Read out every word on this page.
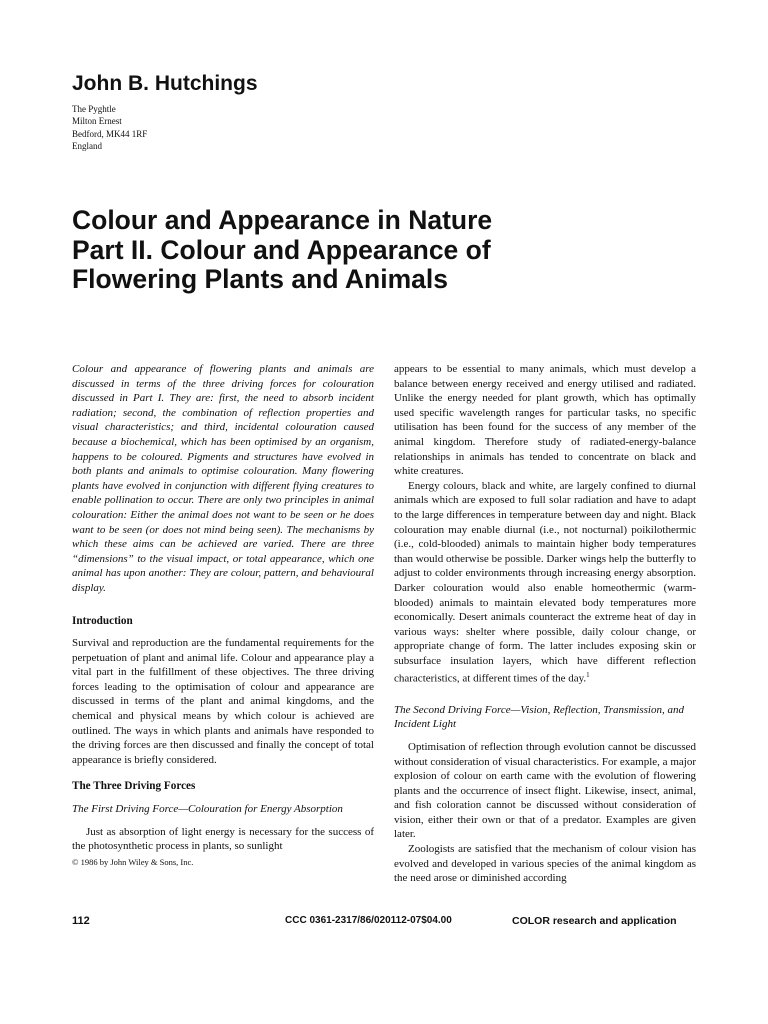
John B. Hutchings
The Pyghtle
Milton Ernest
Bedford, MK44 1RF
England
Colour and Appearance in Nature
Part II. Colour and Appearance of
Flowering Plants and Animals

Colour and appearance of flowering plants and animals are discussed in terms of the three driving forces for colouration discussed in Part I. They are: first, the need to absorb incident radiation; second, the combination of reflection properties and visual characteristics; and third, incidental colouration caused because a biochemical, which has been optimised by an organism, happens to be coloured. Pigments and structures have evolved in both plants and animals to optimise colouration. Many flowering plants have evolved in conjunction with different flying creatures to enable pollination to occur. There are only two principles in animal colouration: Either the animal does not want to be seen or he does want to be seen (or does not mind being seen). The mechanisms by which these aims can be achieved are varied. There are three “dimensions” to the visual impact, or total appearance, which one animal has upon another: They are colour, pattern, and behavioural display.

Introduction

Survival and reproduction are the fundamental requirements for the perpetuation of plant and animal life. Colour and appearance play a vital part in the fulfillment of these objectives. The three driving forces leading to the optimisation of colour and appearance are discussed in terms of the plant and animal kingdoms, and the chemical and physical means by which colour is achieved are outlined. The ways in which plants and animals have responded to the driving forces are then discussed and finally the concept of total appearance is briefly considered.

The Three Driving Forces
The First Driving Force—Colouration for Energy Absorption

Just as absorption of light energy is necessary for the success of the photosynthetic process in plants, so sunlight

© 1986 by John Wiley & Sons, Inc.

appears to be essential to many animals, which must develop a balance between energy received and energy utilised and radiated. Unlike the energy needed for plant growth, which has optimally used specific wavelength ranges for particular tasks, no specific utilisation has been found for the success of any member of the animal kingdom. Therefore study of radiated-energy-balance relationships in animals has tended to concentrate on black and white creatures.

Energy colours, black and white, are largely confined to diurnal animals which are exposed to full solar radiation and have to adapt to the large differences in temperature between day and night. Black colouration may enable diurnal (i.e., not nocturnal) poikilothermic (i.e., cold-blooded) animals to maintain higher body temperatures than would otherwise be possible. Darker wings help the butterfly to adjust to colder environments through increasing energy absorption. Darker colouration would also enable homeothermic (warm-blooded) animals to maintain elevated body temperatures more economically. Desert animals counteract the extreme heat of day in various ways: shelter where possible, daily colour change, or appropriate change of form. The latter includes exposing skin or subsurface insulation layers, which have different reflection characteristics, at different times of the day.$^1$

The Second Driving Force—Vision, Reflection, Transmission, and Incident Light

Optimisation of reflection through evolution cannot be discussed without consideration of visual characteristics. For example, a major explosion of colour on earth came with the evolution of flowering plants and the occurrence of insect flight. Likewise, insect, animal, and fish coloration cannot be discussed without consideration of vision, either their own or that of a predator. Examples are given later.

Zoologists are satisfied that the mechanism of colour vision has evolved and developed in various species of the animal kingdom as the need arose or diminished according

112	CCC 0361-2317/86/020112-07$04.00	COLOR research and application
